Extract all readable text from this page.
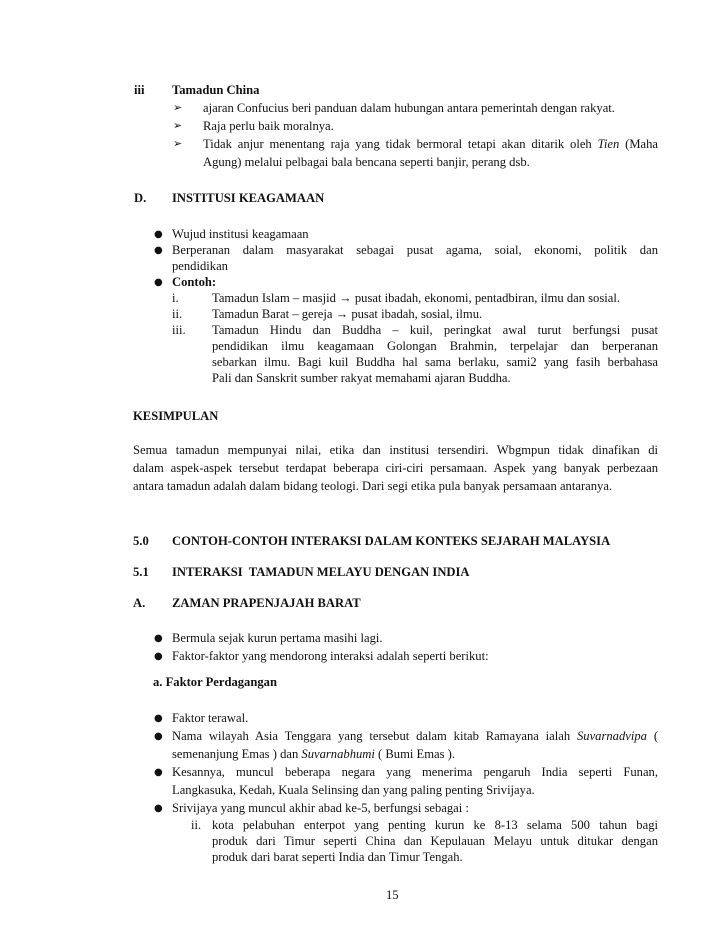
iii Tamadun China
➢ ajaran Confucius beri panduan dalam hubungan antara pemerintah dengan rakyat.
➢ Raja perlu baik moralnya.
➢ Tidak anjur menentang raja yang tidak bermoral tetapi akan ditarik oleh Tien (Maha
Agung) melalui pelbagai bala bencana seperti banjir, perang dsb.
D. INSTITUSI KEAGAMAAN
● Wujud institusi keagamaan
● Berperanan dalam masyarakat sebagai pusat agama, soial, ekonomi, politik dan
pendidikan
● Contoh:
i.	Tamadun Islam – masjid → pusat ibadah, ekonomi, pentadbiran, ilmu dan sosial.
ii. Tamadun Barat – gereja → pusat ibadah, sosial, ilmu.
iii. Tamadun Hindu dan Buddha – kuil, peringkat awal turut berfungsi pusat
pendidikan ilmu keagamaan Golongan Brahmin, terpelajar dan berperanan
sebarkan ilmu. Bagi kuil Buddha hal sama berlaku, sami2 yang fasih berbahasa
Pali dan Sanskrit sumber rakyat memahami ajaran Buddha.
KESIMPULAN
Semua tamadun mempunyai nilai, etika dan institusi tersendiri. Wbgmpun tidak dinafikan di
dalam aspek-aspek tersebut terdapat beberapa ciri-ciri persamaan. Aspek yang banyak perbezaan
antara tamadun adalah dalam bidang teologi. Dari segi etika pula banyak persamaan antaranya.
5.0 CONTOH-CONTOH INTERAKSI DALAM KONTEKS SEJARAH MALAYSIA
5.1 INTERAKSI  TAMADUN MELAYU DENGAN INDIA
A. ZAMAN PRAPENJAJAH BARAT
● Bermula sejak kurun pertama masihi lagi.
● Faktor-faktor yang mendorong interaksi adalah seperti berikut:
a. Faktor Perdagangan
● Faktor terawal.
● Nama wilayah Asia Tenggara yang tersebut dalam kitab Ramayana ialah Suvarnadvipa (
semenanjung Emas ) dan Suvarnabhumi ( Bumi Emas ).
● Kesannya, muncul beberapa negara yang menerima pengaruh India seperti Funan,
Langkasuka, Kedah, Kuala Selinsing dan yang paling penting Srivijaya.
● Srivijaya yang muncul akhir abad ke-5, berfungsi sebagai :
ii. kota pelabuhan enterpot yang penting kurun ke 8-13 selama 500 tahun bagi
produk dari Timur seperti China dan Kepulauan Melayu untuk ditukar dengan
produk dari barat seperti India dan Timur Tengah.
15
